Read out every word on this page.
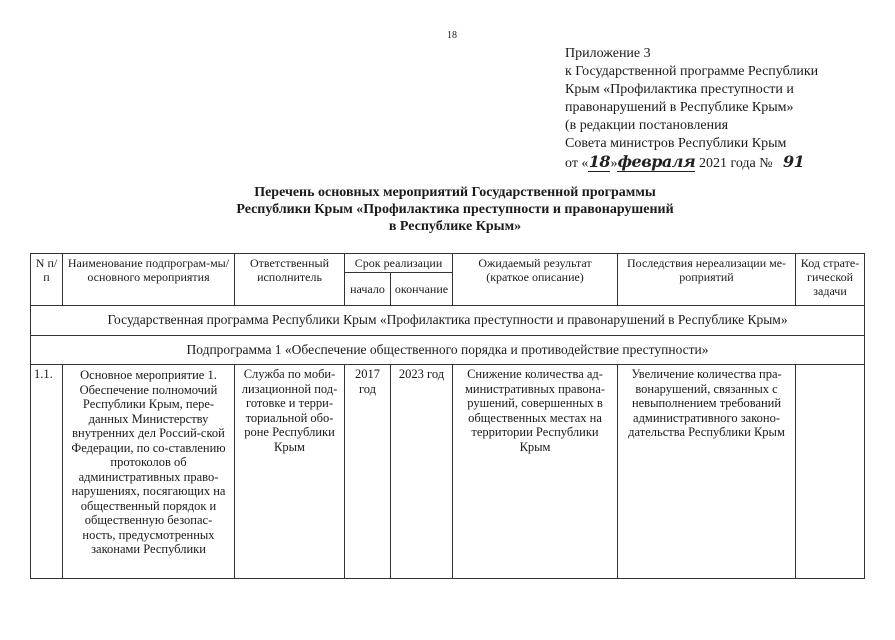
18
Приложение 3
к Государственной программе Республики
Крым «Профилактика преступности и
правонарушений в Республике Крым»
(в редакции постановления
Совета министров Республики Крым
от «18»февраля 2021 года № 91
Перечень основных мероприятий Государственной программы
Республики Крым «Профилактика преступности и правонарушений
в Республике Крым»
N п/п	Наименование подпрограм-мы/основного мероприятия	Ответственный исполнитель	Срок реализации		Ожидаемый результат (краткое описание)	Последствия нереализации ме-роприятий	Код страте-гической задачи
			начало	окончание			
Государственная программа Республики Крым «Профилактика преступности и правонарушений в Республике Крым»							
Подпрограмма 1 «Обеспечение общественного порядка и противодействие преступности»							
1.1.	Основное мероприятие 1. Обеспечение полномочий Республики Крым, пере-данных Министерству внутренних дел Россий-ской Федерации, по со-ставлению протоколов об административных право-нарушениях, посягающих на общественный порядок и общественную безопас-ность, предусмотренных законами Республики	Служба по моби-лизационной под-готовке и терри-ториальной обо-роне Республики Крым	2017 год	2023 год	Снижение количества ад-министративных правона-рушений, совершенных в общественных местах на территории Республики Крым	Увеличение количества пра-вонарушений, связанных с невыполнением требований административного законо-дательства Республики Крым	
